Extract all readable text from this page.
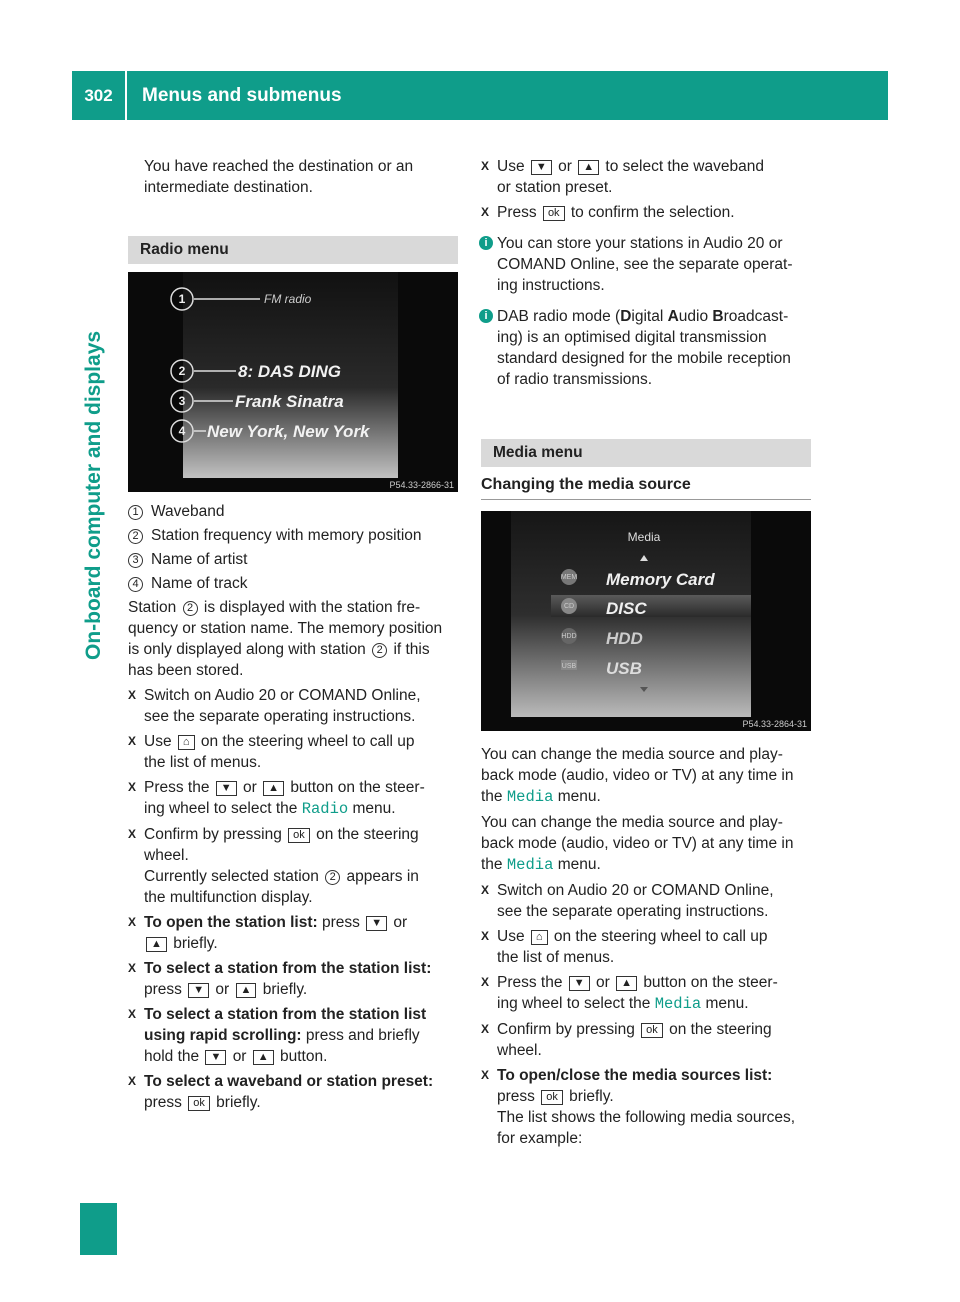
302	Menus and submenus
On-board computer and displays

You have reached the destination or an

intermediate destination.

Radio menu
1
2
3
4
FM radio
8: DAS DING
Frank Sinatra
New York, New York
P54.33-2866-31

1 Waveband

2 Station frequency with memory position

3 Name of artist

4 Name of track

Station 2 is displayed with the station fre-

quency or station name. The memory position

is only displayed along with station 2 if this

has been stored.

X Switch on Audio 20 or COMAND Online,

see the separate operating instructions.

X Use ⌂ on the steering wheel to call up

the list of menus.

X Press the ▼ or ▲ button on the steer-

ing wheel to select the Radio menu.

X Confirm by pressing ok on the steering

wheel.

Currently selected station 2 appears in

the multifunction display.

X To open the station list: press ▼ or

▲ briefly.

X To select a station from the station list:

press ▼ or ▲ briefly.

X To select a station from the station list

using rapid scrolling: press and briefly

hold the ▼ or ▲ button.

X To select a waveband or station preset:

press ok briefly.

X Use ▼ or ▲ to select the waveband

or station preset.

X Press ok to confirm the selection.

i You can store your stations in Audio 20 or

COMAND Online, see the separate operat-

ing instructions.

i DAB radio mode (Digital Audio Broadcast-

ing) is an optimised digital transmission

standard designed for the mobile reception

of radio transmissions.

Media menu
Changing the media source
Media
MEM
CD
HDD
USB
Memory Card
DISC
HDD
USB
P54.33-2864-31

You can change the media source and play-

back mode (audio, video or TV) at any time in

the Media menu.

You can change the media source and play-

back mode (audio, video or TV) at any time in

the Media menu.

X Switch on Audio 20 or COMAND Online,

see the separate operating instructions.

X Use ⌂ on the steering wheel to call up

the list of menus.

X Press the ▼ or ▲ button on the steer-

ing wheel to select the Media menu.

X Confirm by pressing ok on the steering

wheel.

X To open/close the media sources list:

press ok briefly.

The list shows the following media sources,

for example:
